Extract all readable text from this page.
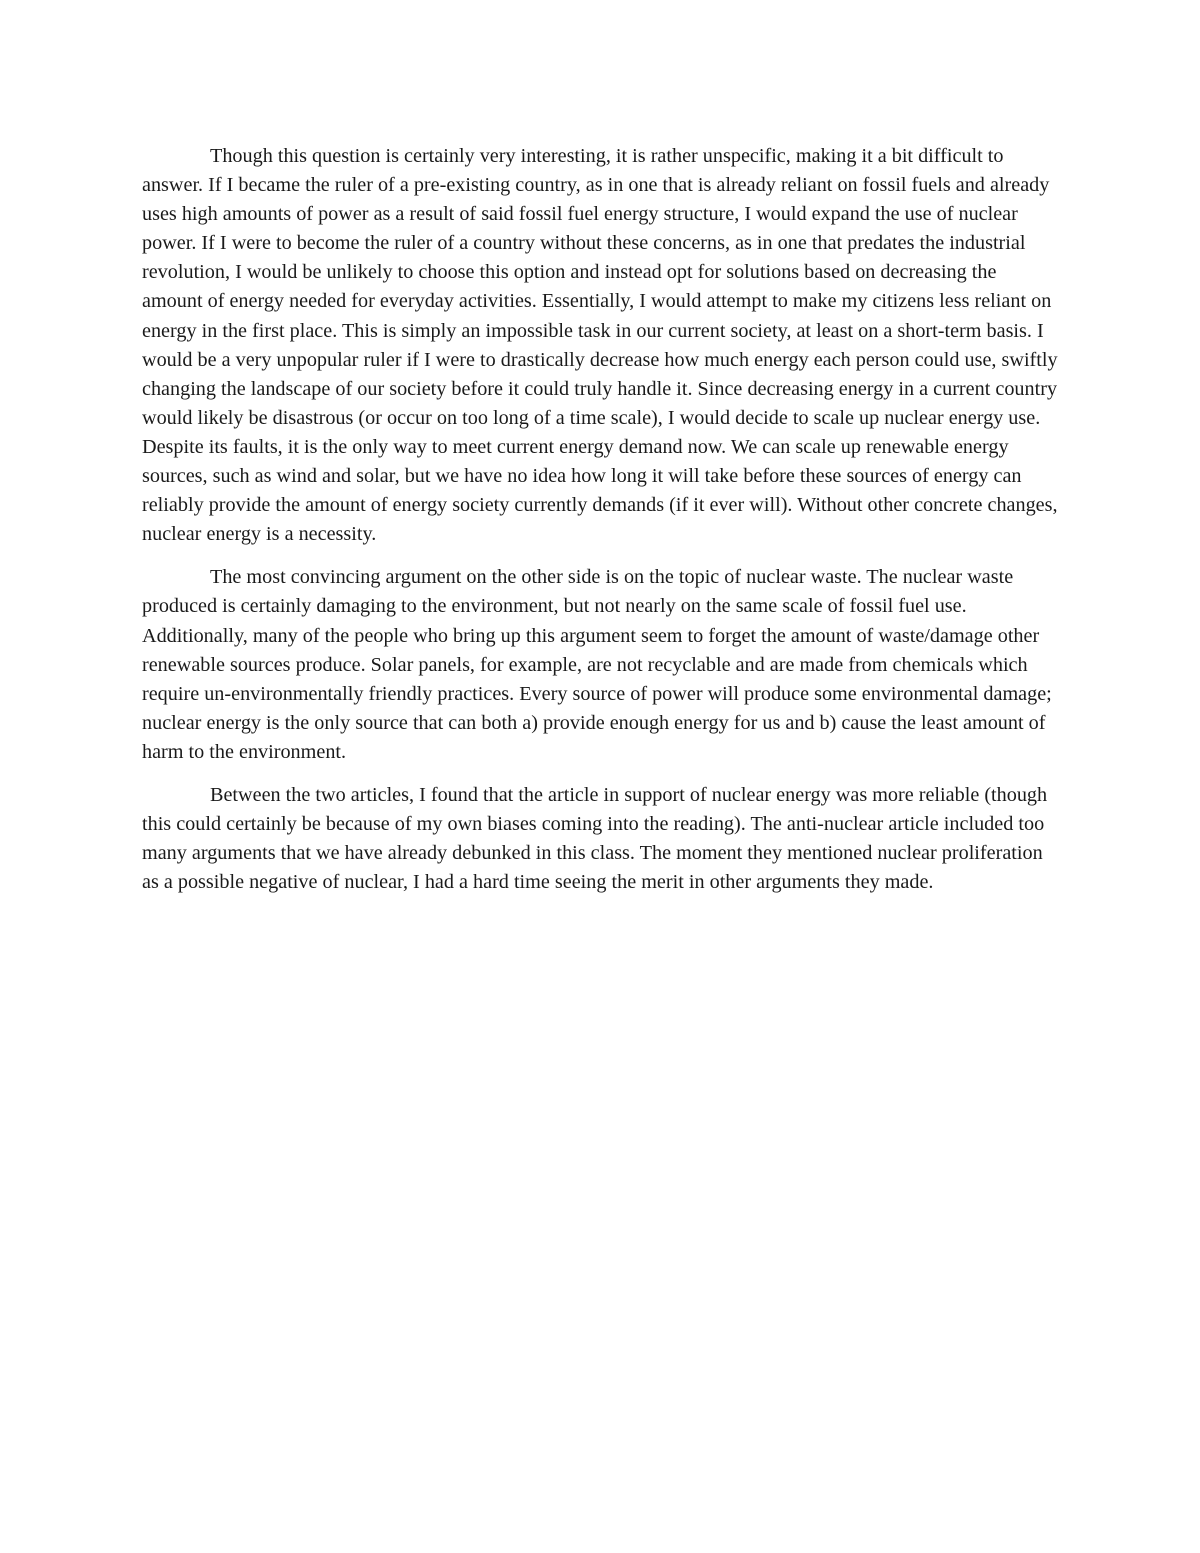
Though this question is certainly very interesting, it is rather unspecific, making it a bit difficult to answer. If I became the ruler of a pre-existing country, as in one that is already reliant on fossil fuels and already uses high amounts of power as a result of said fossil fuel energy structure, I would expand the use of nuclear power. If I were to become the ruler of a country without these concerns, as in one that predates the industrial revolution, I would be unlikely to choose this option and instead opt for solutions based on decreasing the amount of energy needed for everyday activities. Essentially, I would attempt to make my citizens less reliant on energy in the first place. This is simply an impossible task in our current society, at least on a short-term basis. I would be a very unpopular ruler if I were to drastically decrease how much energy each person could use, swiftly changing the landscape of our society before it could truly handle it. Since decreasing energy in a current country would likely be disastrous (or occur on too long of a time scale), I would decide to scale up nuclear energy use. Despite its faults, it is the only way to meet current energy demand now. We can scale up renewable energy sources, such as wind and solar, but we have no idea how long it will take before these sources of energy can reliably provide the amount of energy society currently demands (if it ever will). Without other concrete changes, nuclear energy is a necessity.

The most convincing argument on the other side is on the topic of nuclear waste. The nuclear waste produced is certainly damaging to the environment, but not nearly on the same scale of fossil fuel use. Additionally, many of the people who bring up this argument seem to forget the amount of waste/damage other renewable sources produce. Solar panels, for example, are not recyclable and are made from chemicals which require un-environmentally friendly practices. Every source of power will produce some environmental damage; nuclear energy is the only source that can both a) provide enough energy for us and b) cause the least amount of harm to the environment.

Between the two articles, I found that the article in support of nuclear energy was more reliable (though this could certainly be because of my own biases coming into the reading). The anti-nuclear article included too many arguments that we have already debunked in this class. The moment they mentioned nuclear proliferation as a possible negative of nuclear, I had a hard time seeing the merit in other arguments they made.
